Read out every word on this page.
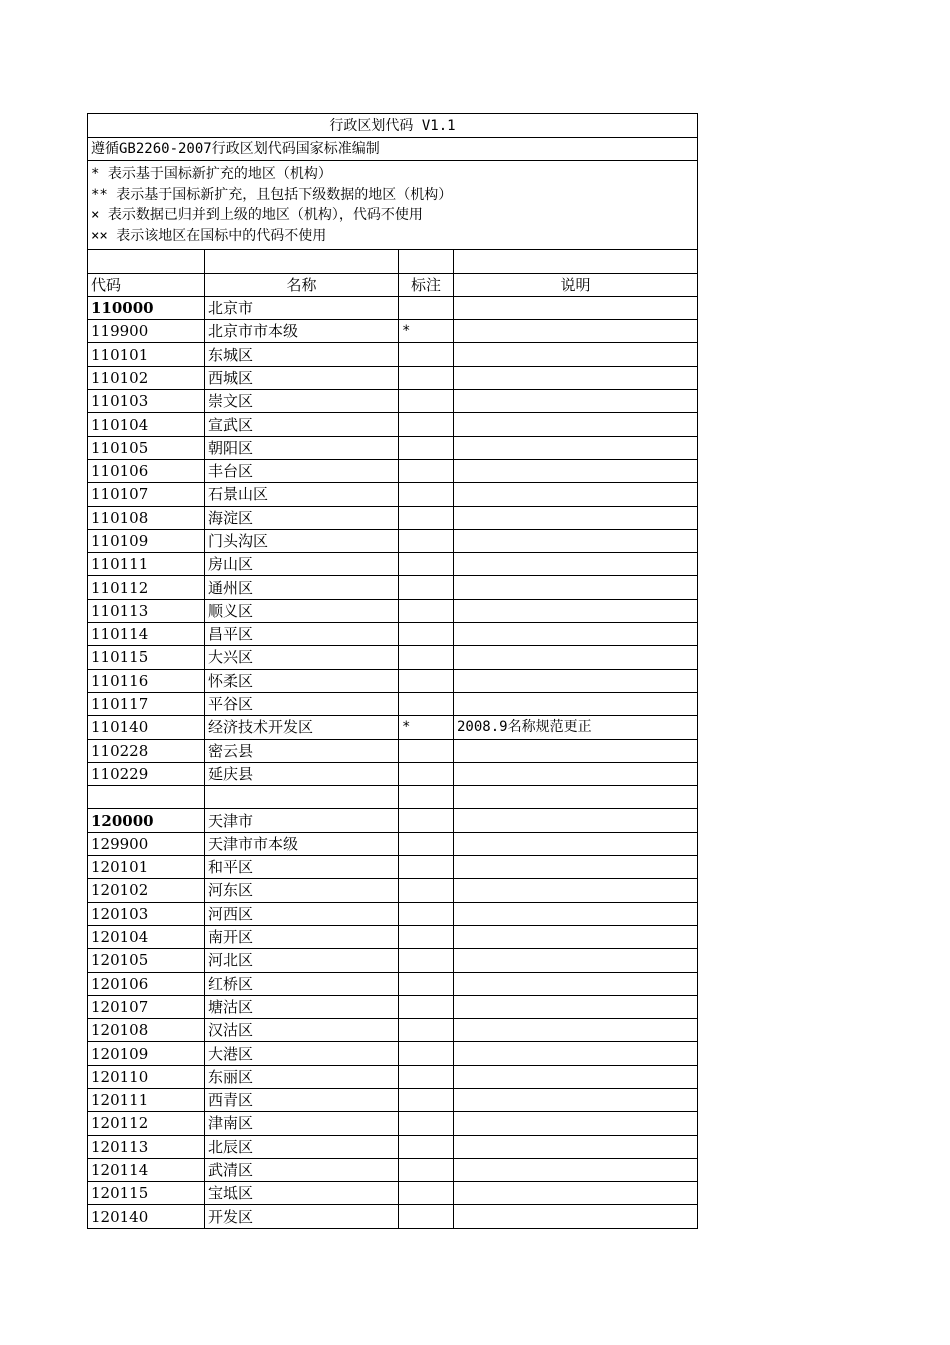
行政区划代码 V1.1			
遵循GB2260-2007行政区划代码国家标准编制			

* 表示基于国标新扩充的地区（机构）
** 表示基于国标新扩充，且包括下级数据的地区（机构）
× 表示数据已归并到上级的地区（机构），代码不使用
×× 表示该地区在国标中的代码不使用			

代码	名称	标注	说明
110000	北京市		
119900	北京市市本级	*	
110101	东城区		
110102	西城区		
110103	崇文区		
110104	宣武区		
110105	朝阳区		
110106	丰台区		
110107	石景山区		
110108	海淀区		
110109	门头沟区		
110111	房山区		
110112	通州区		
110113	顺义区		
110114	昌平区		
110115	大兴区		
110116	怀柔区		
110117	平谷区		
110140	经济技术开发区	*	2008.9名称规范更正
110228	密云县		
110229	延庆县		

120000	天津市		
129900	天津市市本级		
120101	和平区		
120102	河东区		
120103	河西区		
120104	南开区		
120105	河北区		
120106	红桥区		
120107	塘沽区		
120108	汉沽区		
120109	大港区		
120110	东丽区		
120111	西青区		
120112	津南区		
120113	北辰区		
120114	武清区		
120115	宝坻区		
120140	开发区		
